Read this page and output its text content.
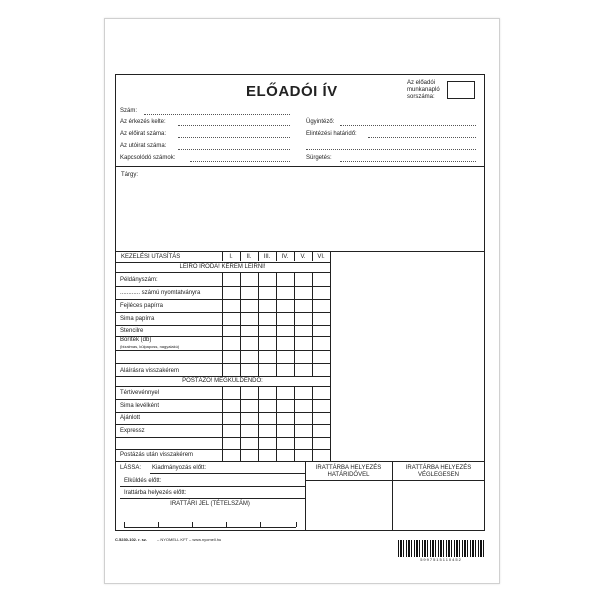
ELŐADÓI ÍV	Az előadói
munkanapló
sorszáma:
Szám:
Az érkezés kelte:
Az előirat száma:
Az utóirat száma:
Kapcsolódó számok:
Ügyintéző:
Elintézési határidő:
Sürgetés:
Tárgy:
KEZELÉSI UTASÍTÁS	I.	II.	III.	IV.	V.	VI.
LEÍRÓ IRODA! KÉREM LEÍRNI!
Példányszám:
............ számú nyomtatványra
Fejléces papírra
Sima papírra
Stencilre
Boríték (db)
(bizalmas, külpaposs, nagyalakú)
Aláírásra visszakérem
POSTÁZÓ! MEGKÜLDENDŐ:
Tértivevénnyel
Sima levélként
Ajánlott
Expressz
Postázás után visszakérem
LÁSSA: Kiadmányozás előtt:
Elküldés előtt:
Irattárba helyezés előtt:
IRATTÁRI JEL (TÉTELSZÁM)
IRATTÁRBA HELYEZÉS
HATÁRIDŐVEL
IRATTÁRBA HELYEZÉS
VÉGLEGESEN
C.5230-102. r. sz. – NYOMELL KFT – www.nyomell.hu
5997515110452
